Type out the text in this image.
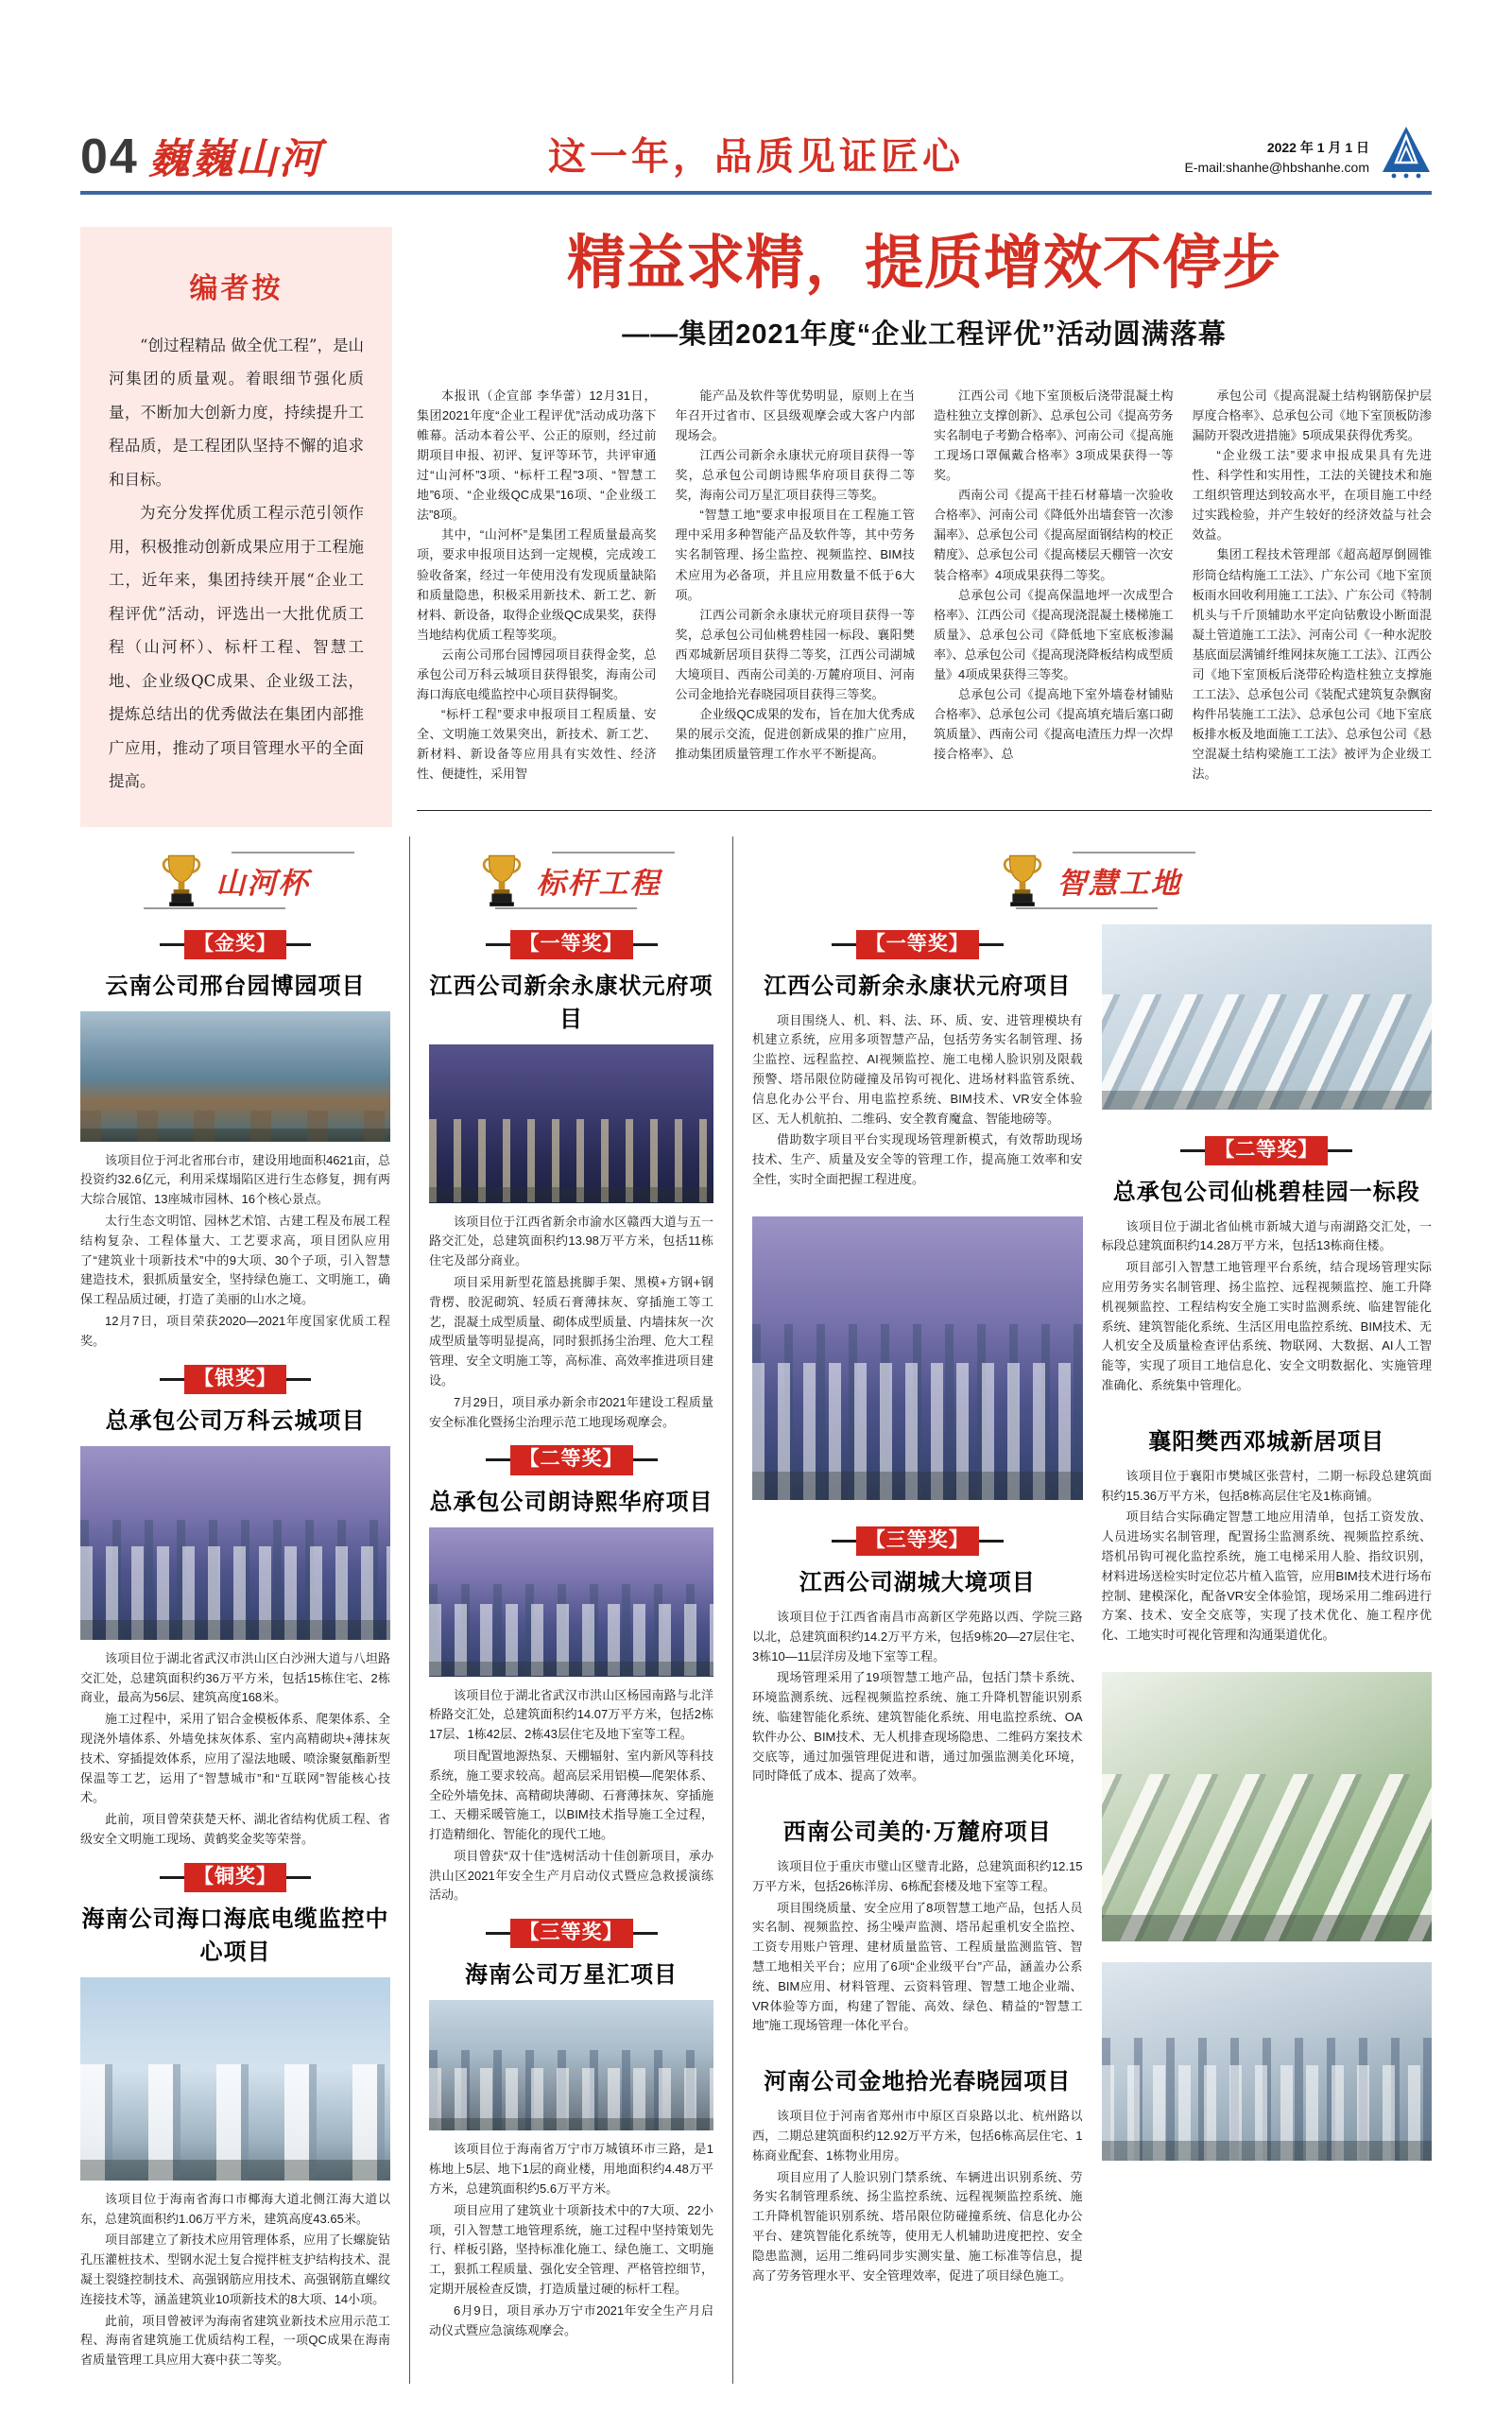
04 巍巍山河	这一年，品质见证匠心	2022 年 1 月 1 日
E-mail:shanhe@hbshanhe.com
编者按

“创过程精品 做全优工程”，是山河集团的质量观。着眼细节强化质量，不断加大创新力度，持续提升工程品质，是工程团队坚持不懈的追求和目标。

为充分发挥优质工程示范引领作用，积极推动创新成果应用于工程施工，近年来，集团持续开展“企业工程评优”活动，评选出一大批优质工程（山河杯）、标杆工程、智慧工地、企业级QC成果、企业级工法，提炼总结出的优秀做法在集团内部推广应用，推动了项目管理水平的全面提高。

精益求精，提质增效不停步
——集团2021年度“企业工程评优”活动圆满落幕

本报讯（企宣部 李华蕾）12月31日，集团2021年度“企业工程评优”活动成功落下帷幕。活动本着公平、公正的原则，经过前期项目申报、初评、复评等环节，共评审通过“山河杯”3项、“标杆工程”3项、“智慧工地”6项、“企业级QC成果”16项、“企业级工法”8项。

其中，“山河杯”是集团工程质量最高奖项，要求申报项目达到一定规模，完成竣工验收备案，经过一年使用没有发现质量缺陷和质量隐患，积极采用新技术、新工艺、新材料、新设备，取得企业级QC成果奖，获得当地结构优质工程等奖项。

云南公司邢台园博园项目获得金奖，总承包公司万科云城项目获得银奖，海南公司海口海底电缆监控中心项目获得铜奖。

“标杆工程”要求申报项目工程质量、安全、文明施工效果突出，新技术、新工艺、新材料、新设备等应用具有实效性、经济性、便捷性，采用智

能产品及软件等优势明显，原则上在当年召开过省市、区县级观摩会或大客户内部现场会。

江西公司新余永康状元府项目获得一等奖，总承包公司朗诗熙华府项目获得二等奖，海南公司万星汇项目获得三等奖。

“智慧工地”要求申报项目在工程施工管理中采用多种智能产品及软件等，其中劳务实名制管理、扬尘监控、视频监控、BIM技术应用为必备项，并且应用数量不低于6大项。

江西公司新余永康状元府项目获得一等奖，总承包公司仙桃碧桂园一标段、襄阳樊西邓城新居项目获得二等奖，江西公司湖城大境项目、西南公司美的·万麓府项目、河南公司金地拾光春晓园项目获得三等奖。

企业级QC成果的发布，旨在加大优秀成果的展示交流，促进创新成果的推广应用，推动集团质量管理工作水平不断提高。

江西公司《地下室顶板后浇带混凝土构造柱独立支撑创新》、总承包公司《提高劳务实名制电子考勤合格率》、河南公司《提高施工现场口罩佩戴合格率》3项成果获得一等奖。

西南公司《提高干挂石材幕墙一次验收合格率》、河南公司《降低外出墙套管一次渗漏率》、总承包公司《提高屋面钢结构的校正精度》、总承包公司《提高楼层天棚管一次安装合格率》4项成果获得二等奖。

总承包公司《提高保温地坪一次成型合格率》、江西公司《提高现浇混凝土楼梯施工质量》、总承包公司《降低地下室底板渗漏率》、总承包公司《提高现浇降板结构成型质量》4项成果获得三等奖。

总承包公司《提高地下室外墙卷材铺贴合格率》、总承包公司《提高填充墙后塞口砌筑质量》、西南公司《提高电渣压力焊一次焊接合格率》、总

承包公司《提高混凝土结构钢筋保护层厚度合格率》、总承包公司《地下室顶板防渗漏防开裂改进措施》5项成果获得优秀奖。

“企业级工法”要求申报成果具有先进性、科学性和实用性，工法的关键技术和施工组织管理达到较高水平，在项目施工中经过实践检验，并产生较好的经济效益与社会效益。

集团工程技术管理部《超高超厚倒圆锥形筒仓结构施工工法》、广东公司《地下室顶板雨水回收利用施工工法》、广东公司《特制机头与千斤顶辅助水平定向钻敷设小断面混凝土管道施工工法》、河南公司《一种水泥胶基底面层满铺纤维网抹灰施工工法》、江西公司《地下室顶板后浇带砼构造柱独立支撑施工工法》、总承包公司《装配式建筑复杂飘窗构件吊装施工工法》、总承包公司《地下室底板排水板及地面施工工法》、总承包公司《悬空混凝土结构梁施工工法》被评为企业级工法。

山河杯
【金奖】
云南公司邢台园博园项目

该项目位于河北省邢台市，建设用地面积4621亩，总投资约32.6亿元，利用采煤塌陷区进行生态修复，拥有两大综合展馆、13座城市园林、16个核心景点。

太行生态文明馆、园林艺术馆、古建工程及布展工程结构复杂、工程体量大、工艺要求高，项目团队应用了“建筑业十项新技术”中的9大项、30个子项，引入智慧建造技术，狠抓质量安全，坚持绿色施工、文明施工，确保工程品质过硬，打造了美丽的山水之境。

12月7日，项目荣获2020—2021年度国家优质工程奖。

【银奖】
总承包公司万科云城项目

该项目位于湖北省武汉市洪山区白沙洲大道与八坦路交汇处，总建筑面积约36万平方米，包括15栋住宅、2栋商业，最高为56层、建筑高度168米。

施工过程中，采用了铝合金模板体系、爬架体系、全现浇外墙体系、外墙免抹灰体系、室内高精砌块+薄抹灰技术、穿插提效体系，应用了湿法地暖、喷涂聚氨酯新型保温等工艺，运用了“智慧城市”和“互联网”智能核心技术。

此前，项目曾荣获楚天杯、湖北省结构优质工程、省级安全文明施工现场、黄鹤奖金奖等荣誉。

【铜奖】
海南公司海口海底电缆监控中心项目

该项目位于海南省海口市椰海大道北侧江海大道以东，总建筑面积约1.06万平方米，建筑高度43.65米。

项目部建立了新技术应用管理体系，应用了长螺旋钻孔压灌桩技术、型钢水泥土复合搅拌桩支护结构技术、混凝土裂缝控制技术、高强钢筋应用技术、高强钢筋直螺纹连接技术等，涵盖建筑业10项新技术的8大项、14小项。

此前，项目曾被评为海南省建筑业新技术应用示范工程、海南省建筑施工优质结构工程，一项QC成果在海南省质量管理工具应用大赛中获二等奖。

标杆工程
【一等奖】
江西公司新余永康状元府项目

该项目位于江西省新余市渝水区赣西大道与五一路交汇处，总建筑面积约13.98万平方米，包括11栋住宅及部分商业。

项目采用新型花篮悬挑脚手架、黑模+方钢+钢背楞、胶泥砌筑、轻质石膏薄抹灰、穿插施工等工艺，混凝土成型质量、砌体成型质量、内墙抹灰一次成型质量等明显提高，同时狠抓扬尘治理、危大工程管理、安全文明施工等，高标准、高效率推进项目建设。

7月29日，项目承办新余市2021年建设工程质量安全标准化暨扬尘治理示范工地现场观摩会。

【二等奖】
总承包公司朗诗熙华府项目

该项目位于湖北省武汉市洪山区杨园南路与北洋桥路交汇处，总建筑面积约14.07万平方米，包括2栋17层、1栋42层、2栋43层住宅及地下室等工程。

项目配置地源热泵、天棚辐射、室内新风等科技系统，施工要求较高。超高层采用铝模—爬架体系、全砼外墙免抹、高精砌块薄砌、石膏薄抹灰、穿插施工、天棚采暖管施工，以BIM技术指导施工全过程，打造精细化、智能化的现代工地。

项目曾获“双十佳”选树活动十佳创新项目，承办洪山区2021年安全生产月启动仪式暨应急救援演练活动。

【三等奖】
海南公司万星汇项目

该项目位于海南省万宁市万城镇环市三路，是1栋地上5层、地下1层的商业楼，用地面积约4.48万平方米，总建筑面积约5.6万平方米。

项目应用了建筑业十项新技术中的7大项、22小项，引入智慧工地管理系统，施工过程中坚持策划先行、样板引路，坚持标准化施工、绿色施工、文明施工，狠抓工程质量、强化安全管理、严格管控细节，定期开展检查反馈，打造质量过硬的标杆工程。

6月9日，项目承办万宁市2021年安全生产月启动仪式暨应急演练观摩会。

智慧工地
【一等奖】
江西公司新余永康状元府项目

项目围绕人、机、料、法、环、质、安、进管理模块有机建立系统，应用多项智慧产品，包括劳务实名制管理、扬尘监控、远程监控、AI视频监控、施工电梯人脸识别及限载预警、塔吊限位防碰撞及吊钩可视化、进场材料监管系统、信息化办公平台、用电监控系统、BIM技术、VR安全体验区、无人机航拍、二维码、安全教育魔盒、智能地磅等。

借助数字项目平台实现现场管理新模式，有效帮助现场技术、生产、质量及安全等的管理工作，提高施工效率和安全性，实时全面把握工程进度。

【三等奖】
江西公司湖城大境项目

该项目位于江西省南昌市高新区学苑路以西、学院三路以北，总建筑面积约14.2万平方米，包括9栋20—27层住宅、3栋10—11层洋房及地下室等工程。

现场管理采用了19项智慧工地产品，包括门禁卡系统、环境监测系统、远程视频监控系统、施工升降机智能识别系统、临建智能化系统、建筑智能化系统、用电监控系统、OA软件办公、BIM技术、无人机排查现场隐患、二维码方案技术交底等，通过加强管理促进和谐，通过加强监测美化环境，同时降低了成本、提高了效率。

西南公司美的·万麓府项目

该项目位于重庆市璧山区璧青北路，总建筑面积约12.15万平方米，包括26栋洋房、6栋配套楼及地下室等工程。

项目围绕质量、安全应用了8项智慧工地产品，包括人员实名制、视频监控、扬尘噪声监测、塔吊起重机安全监控、工资专用账户管理、建材质量监管、工程质量监测监管、智慧工地相关平台；应用了6项“企业级平台”产品，涵盖办公系统、BIM应用、材料管理、云资料管理、智慧工地企业端、VR体验等方面，构建了智能、高效、绿色、精益的“智慧工地”施工现场管理一体化平台。

河南公司金地拾光春晓园项目

该项目位于河南省郑州市中原区百泉路以北、杭州路以西，二期总建筑面积约12.92万平方米，包括6栋高层住宅、1栋商业配套、1栋物业用房。

项目应用了人脸识别门禁系统、车辆进出识别系统、劳务实名制管理系统、扬尘监控系统、远程视频监控系统、施工升降机智能识别系统、塔吊限位防碰撞系统、信息化办公平台、建筑智能化系统等，使用无人机辅助进度把控、安全隐患监测，运用二维码同步实测实量、施工标准等信息，提高了劳务管理水平、安全管理效率，促进了项目绿色施工。

【二等奖】
总承包公司仙桃碧桂园一标段

该项目位于湖北省仙桃市新城大道与南湖路交汇处，一标段总建筑面积约14.28万平方米，包括13栋商住楼。

项目部引入智慧工地管理平台系统，结合现场管理实际应用劳务实名制管理、扬尘监控、远程视频监控、施工升降机视频监控、工程结构安全施工实时监测系统、临建智能化系统、建筑智能化系统、生活区用电监控系统、BIM技术、无人机安全及质量检查评估系统、物联网、大数据、AI人工智能等，实现了项目工地信息化、安全文明数据化、实施管理准确化、系统集中管理化。

襄阳樊西邓城新居项目

该项目位于襄阳市樊城区张营村，二期一标段总建筑面积约15.36万平方米，包括8栋高层住宅及1栋商铺。

项目结合实际确定智慧工地应用清单，包括工资发放、人员进场实名制管理，配置扬尘监测系统、视频监控系统、塔机吊钩可视化监控系统，施工电梯采用人脸、指纹识别，材料进场送检实时定位芯片植入监管，应用BIM技术进行场布控制、建模深化，配备VR安全体验馆，现场采用二维码进行方案、技术、安全交底等，实现了技术优化、施工程序优化、工地实时可视化管理和沟通渠道优化。
